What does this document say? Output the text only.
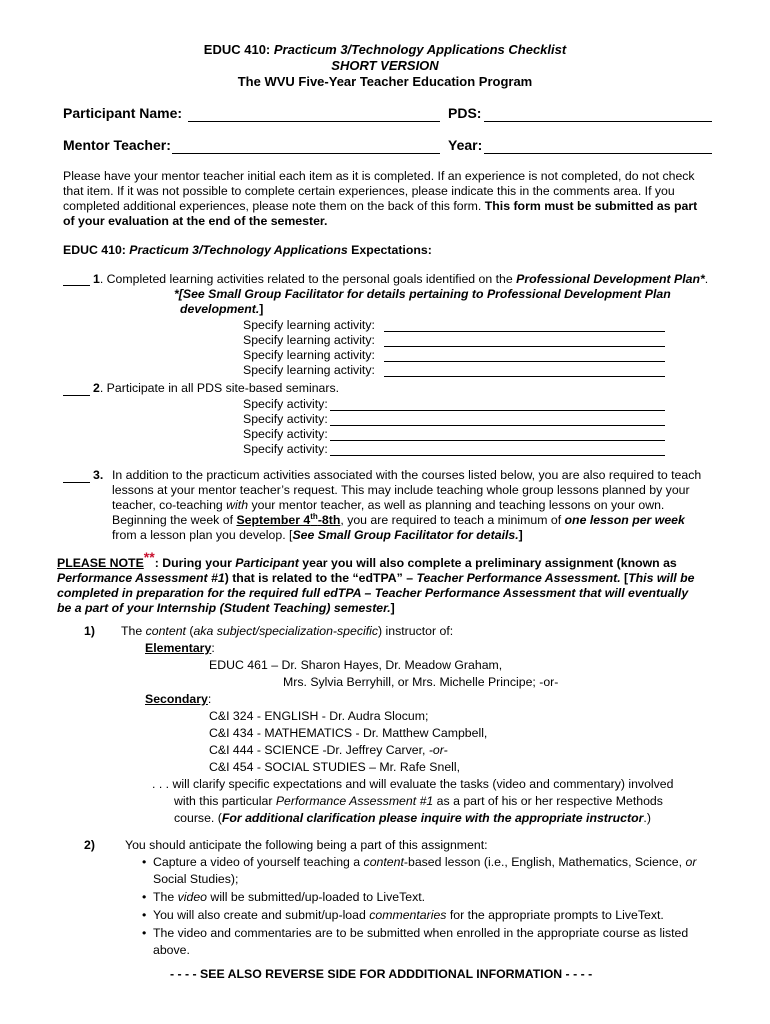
EDUC 410: Practicum 3/Technology Applications Checklist
SHORT VERSION
The WVU Five-Year Teacher Education Program
Participant Name:	PDS:
Mentor Teacher:	Year:
Please have your mentor teacher initial each item as it is completed. If an experience is not completed, do not check
that item. If it was not possible to complete certain experiences, please indicate this in the comments area. If you
completed additional experiences, please note them on the back of this form. This form must be submitted as part
of your evaluation at the end of the semester.
EDUC 410: Practicum 3/Technology Applications Expectations:
1. Completed learning activities related to the personal goals identified on the Professional Development Plan*.
*[See Small Group Facilitator for details pertaining to Professional Development Plan
development.]
Specify learning activity:
Specify learning activity:
Specify learning activity:
Specify learning activity:
2. Participate in all PDS site-based seminars.
Specify activity:
Specify activity:
Specify activity:
Specify activity:
3. In addition to the practicum activities associated with the courses listed below, you are also required to teach
lessons at your mentor teacher’s request. This may include teaching whole group lessons planned by your
teacher, co-teaching with your mentor teacher, as well as planning and teaching lessons on your own.
Beginning the week of September 4th-8th, you are required to teach a minimum of one lesson per week
from a lesson plan you develop. [See Small Group Facilitator for details.]
PLEASE NOTE**: During your Participant year you will also complete a preliminary assignment (known as
Performance Assessment #1) that is related to the “edTPA” – Teacher Performance Assessment. [This will be
completed in preparation for the required full edTPA – Teacher Performance Assessment that will eventually
be a part of your Internship (Student Teaching) semester.]
1) The content (aka subject/specialization-specific) instructor of:
Elementary:
EDUC 461 – Dr. Sharon Hayes, Dr. Meadow Graham,
Mrs. Sylvia Berryhill, or Mrs. Michelle Principe; -or-
Secondary:
C&I 324 - ENGLISH - Dr. Audra Slocum;
C&I 434 - MATHEMATICS - Dr. Matthew Campbell,
C&I 444 - SCIENCE -Dr. Jeffrey Carver, -or-
C&I 454 - SOCIAL STUDIES – Mr. Rafe Snell,
. . . will clarify specific expectations and will evaluate the tasks (video and commentary) involved
with this particular Performance Assessment #1 as a part of his or her respective Methods
course. (For additional clarification please inquire with the appropriate instructor.)
2) You should anticipate the following being a part of this assignment:
• Capture a video of yourself teaching a content-based lesson (i.e., English, Mathematics, Science, or
Social Studies);
• The video will be submitted/up-loaded to LiveText.
• You will also create and submit/up-load commentaries for the appropriate prompts to LiveText.
• The video and commentaries are to be submitted when enrolled in the appropriate course as listed
above.
- - - - SEE ALSO REVERSE SIDE FOR ADDDITIONAL INFORMATION - - - -
